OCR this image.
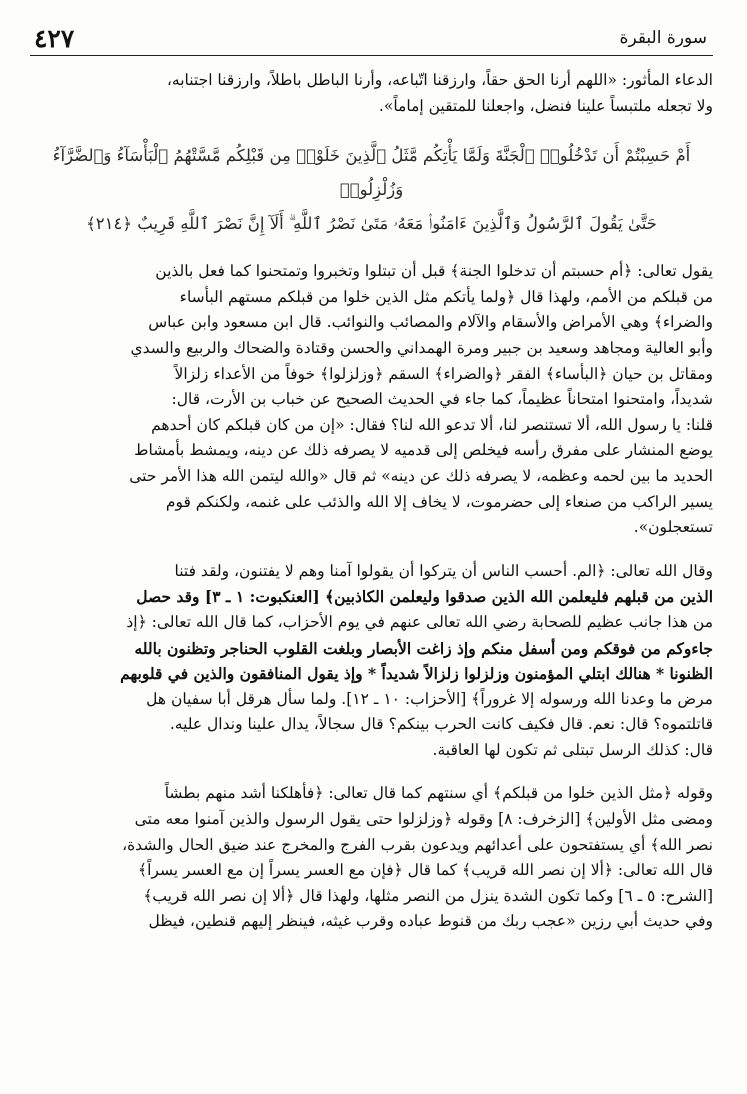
٤٢٧	سورة البقرة

الدعاء المأثور: «اللهم أرنا الحق حقاً، وارزقنا اتّباعه، وأرنا الباطل باطلاً، وارزقنا اجتنابه،

ولا تجعله ملتبساً علينا فنضل، واجعلنا للمتقين إماماً».

أَمْ حَسِبْتُمْ أَن تَدْخُلُوا۟ ٱلْجَنَّةَ وَلَمَّا يَأْتِكُم مَّثَلُ ٱلَّذِينَ خَلَوْا۟ مِن قَبْلِكُم مَّسَّتْهُمُ ٱلْبَأْسَآءُ وَٱلضَّرَّآءُ وَزُلْزِلُوا۟
حَتَّىٰ يَقُولَ ٱلرَّسُولُ وَٱلَّذِينَ ءَامَنُوا۟ مَعَهُۥ مَتَىٰ نَصْرُ ٱللَّهِ ۗ أَلَآ إِنَّ نَصْرَ ٱللَّهِ قَرِيبٌ ﴿٢١٤﴾

يقول تعالى: ﴿أم حسبتم أن تدخلوا الجنة﴾ قبل أن تبتلوا وتخبروا وتمتحنوا كما فعل بالذين

من قبلكم من الأمم، ولهذا قال ﴿ولما يأتكم مثل الذين خلوا من قبلكم مستهم البأساء

والضراء﴾ وهي الأمراض والأسقام والآلام والمصائب والنوائب. قال ابن مسعود وابن عباس

وأبو العالية ومجاهد وسعيد بن جبير ومرة الهمداني والحسن وقتادة والضحاك والربيع والسدي

ومقاتل بن حيان ﴿البأساء﴾ الفقر ﴿والضراء﴾ السقم ﴿وزلزلوا﴾ خوفاً من الأعداء زلزالاً

شديداً، وامتحنوا امتحاناً عظيماً، كما جاء في الحديث الصحيح عن خباب بن الأرت، قال:

قلنا: يا رسول الله، ألا تستنصر لنا، ألا تدعو الله لنا؟ فقال: «إن من كان قبلكم كان أحدهم

يوضع المنشار على مفرق رأسه فيخلص إلى قدميه لا يصرفه ذلك عن دينه، ويمشط بأمشاط

الحديد ما بين لحمه وعظمه، لا يصرفه ذلك عن دينه» ثم قال «والله ليتمن الله هذا الأمر حتى

يسير الراكب من صنعاء إلى حضرموت، لا يخاف إلا الله والذئب على غنمه، ولكنكم قوم

تستعجلون».

وقال الله تعالى: ﴿الم. أحسب الناس أن يتركوا أن يقولوا آمنا وهم لا يفتنون، ولقد فتنا

الذين من قبلهم فليعلمن الله الذين صدقوا وليعلمن الكاذبين﴾ [العنكبوت: ١ ـ ٣] وقد حصل

من هذا جانب عظيم للصحابة رضي الله تعالى عنهم في يوم الأحزاب، كما قال الله تعالى: ﴿إذ

جاءوكم من فوقكم ومن أسفل منكم وإذ زاغت الأبصار وبلغت القلوب الحناجر وتظنون بالله

الظنونا * هنالك ابتلي المؤمنون وزلزلوا زلزالاً شديداً * وإذ يقول المنافقون والذين في قلوبهم

مرض ما وعدنا الله ورسوله إلا غروراً﴾ [الأحزاب: ١٠ ـ ١٢]. ولما سأل هرقل أبا سفيان هل

قاتلتموه؟ قال: نعم. قال فكيف كانت الحرب بينكم؟ قال سجالاً، يدال علينا وندال عليه.

قال: كذلك الرسل تبتلى ثم تكون لها العاقبة.

وقوله ﴿مثل الذين خلوا من قبلكم﴾ أي سنتهم كما قال تعالى: ﴿فأهلكنا أشد منهم بطشاً

ومضى مثل الأولين﴾ [الزخرف: ٨] وقوله ﴿وزلزلوا حتى يقول الرسول والذين آمنوا معه متى

نصر الله﴾ أي يستفتحون على أعدائهم ويدعون بقرب الفرج والمخرج عند ضيق الحال والشدة،

قال الله تعالى: ﴿ألا إن نصر الله قريب﴾ كما قال ﴿فإن مع العسر يسراً إن مع العسر يسراً﴾

[الشرح: ٥ ـ ٦] وكما تكون الشدة ينزل من النصر مثلها، ولهذا قال ﴿ألا إن نصر الله قريب﴾

وفي حديث أبي رزين «عجب ربك من قنوط عباده وقرب غيثه، فينظر إليهم قنطين، فيظل
